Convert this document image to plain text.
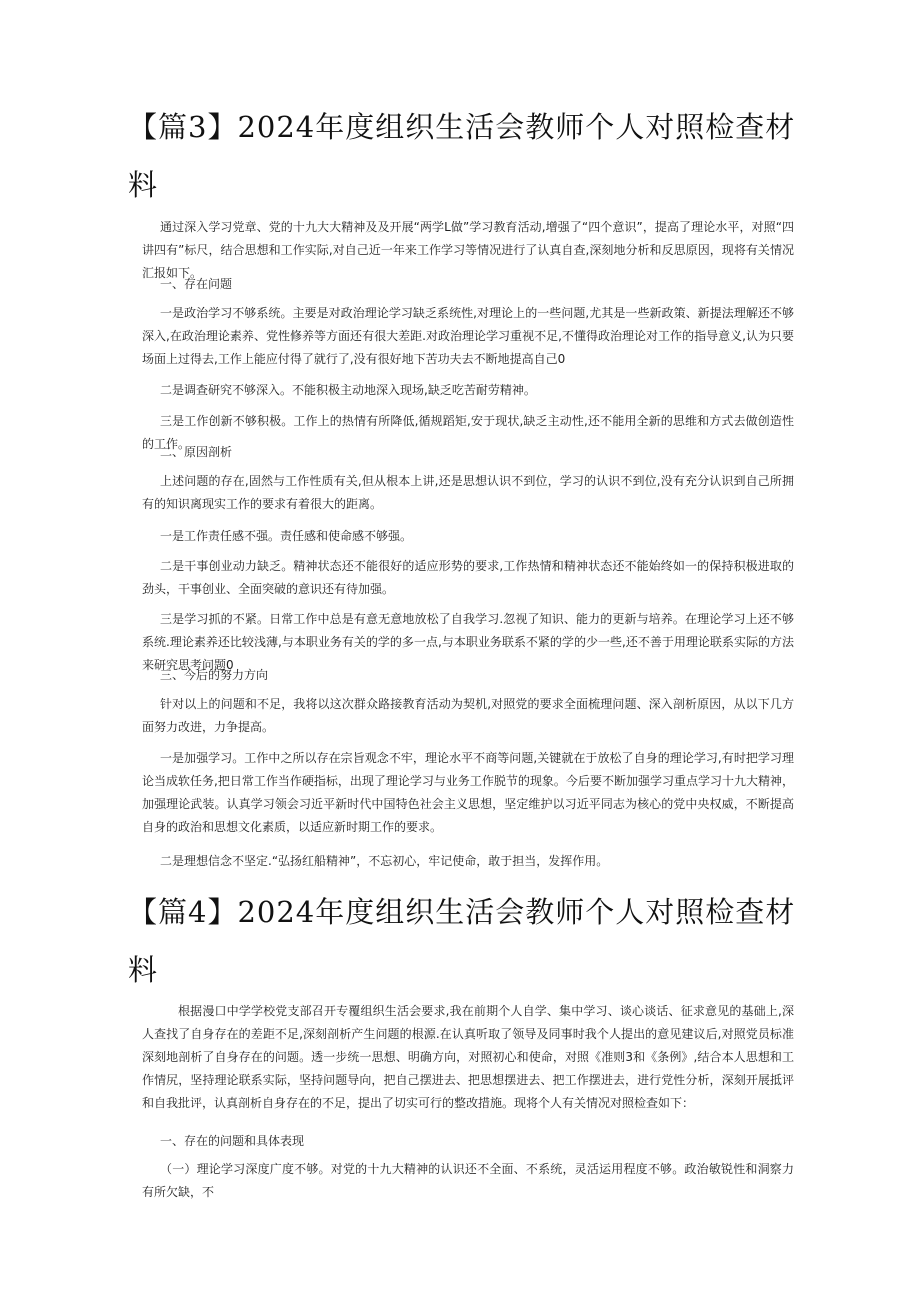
【篇3】2024年度组织生活会教师个人对照检查材料

通过深入学习党章、党的十九大大精神及及开展“两学L做”学习教育活动,增强了“四个意识”，提高了理论水平，对照“四讲四有”标尺，结合思想和工作实际,对自己近一年来工作学习等情况进行了认真自查,深刻地分析和反思原因，现将有关情况汇报如下。

一、存在问题

一是政治学习不够系统。主要是对政治理论学习缺乏系统性,对理论上的一些问题,尤其是一些新政策、新提法理解还不够深入,在政治理论素养、党性修养等方面还有很大差距.对政治理论学习重视不足,不懂得政治理论对工作的指导意义,认为只要场面上过得去,工作上能应付得了就行了,没有很好地下苦功夫去不断地提高自己0

二是调查研究不够深入。不能积极主动地深入现场,缺乏吃苦耐劳精神。

三是工作创新不够积极。工作上的热情有所降低,循规蹈矩,安于现状,缺乏主动性,还不能用全新的思维和方式去做创造性的工作。

二、原因剖析

上述问题的存在,固然与工作性质有关,但从根本上讲,还是思想认识不到位，学习的认识不到位,没有充分认识到自己所拥有的知识离现实工作的要求有着很大的距离。

一是工作责任感不强。责任感和使命感不够强。

二是干事创业动力缺乏。精神状态还不能很好的适应形势的要求,工作热情和精神状态还不能始终如一的保持积极进取的劲头，干事创业、全面突破的意识还有待加强。

三是学习抓的不紧。日常工作中总是有意无意地放松了自我学习.忽视了知识、能力的更新与培养。在理论学习上还不够系统.理论素养还比较浅薄,与本职业务有关的学的多一点,与本职业务联系不紧的学的少一些,还不善于用理论联系实际的方法来研究思考问题0

三、今后的努力方向

针对以上的问题和不足，我将以这次群众路接教育活动为契机,对照党的要求全面梳理问题、深入剖析原因，从以下几方面努力改进，力争提高。

一是加强学习。工作中之所以存在宗旨观念不牢，理论水平不商等问题,关键就在于放松了自身的理论学习,有时把学习理论当成软任务,把日常工作当作硬指标，出现了理论学习与业务工作脱节的现象。今后要不断加强学习重点学习十九大精神，加强理论武装。认真学习领会习近平新时代中国特色社会主义思想，坚定维护以习近平同志为核心的党中央权威，不断提高自身的政治和思想文化素质，以适应新时期工作的要求。

二是理想信念不坚定.“弘扬红船精神”，不忘初心，牢记使命，敢于担当，发挥作用。

【篇4】2024年度组织生活会教师个人对照检查材料

根据漫口中学学校党支部召开专覆组织生活会要求,我在前期个人自学、集中学习、谈心谈话、征求意见的基础上,深人查找了自身存在的差距不足,深刻剖析产生问题的根源.在认真听取了领导及同事时我个人提出的意见建议后,对照党员标准深刻地剖析了自身存在的问题。透一步统一思想、明确方向，对照初心和使命，对照《准则3和《条例》,结合本人思想和工作情尻，坚持理论联系实际，坚持问题导向，把自己摆进去、把思想摆进去、把工作摆进去，进行党性分析，深刻开展抵评和自我批评，认真剖析自身存在的不足，提出了切实可行的整改措施。现将个人有关情况对照检查如下：

一、存在的问题和具体表现

（一）理论学习深度广度不够。对党的十九大精神的认识还不全面、不系统，灵活运用程度不够。政治敏锐性和洞察力有所欠缺，不
